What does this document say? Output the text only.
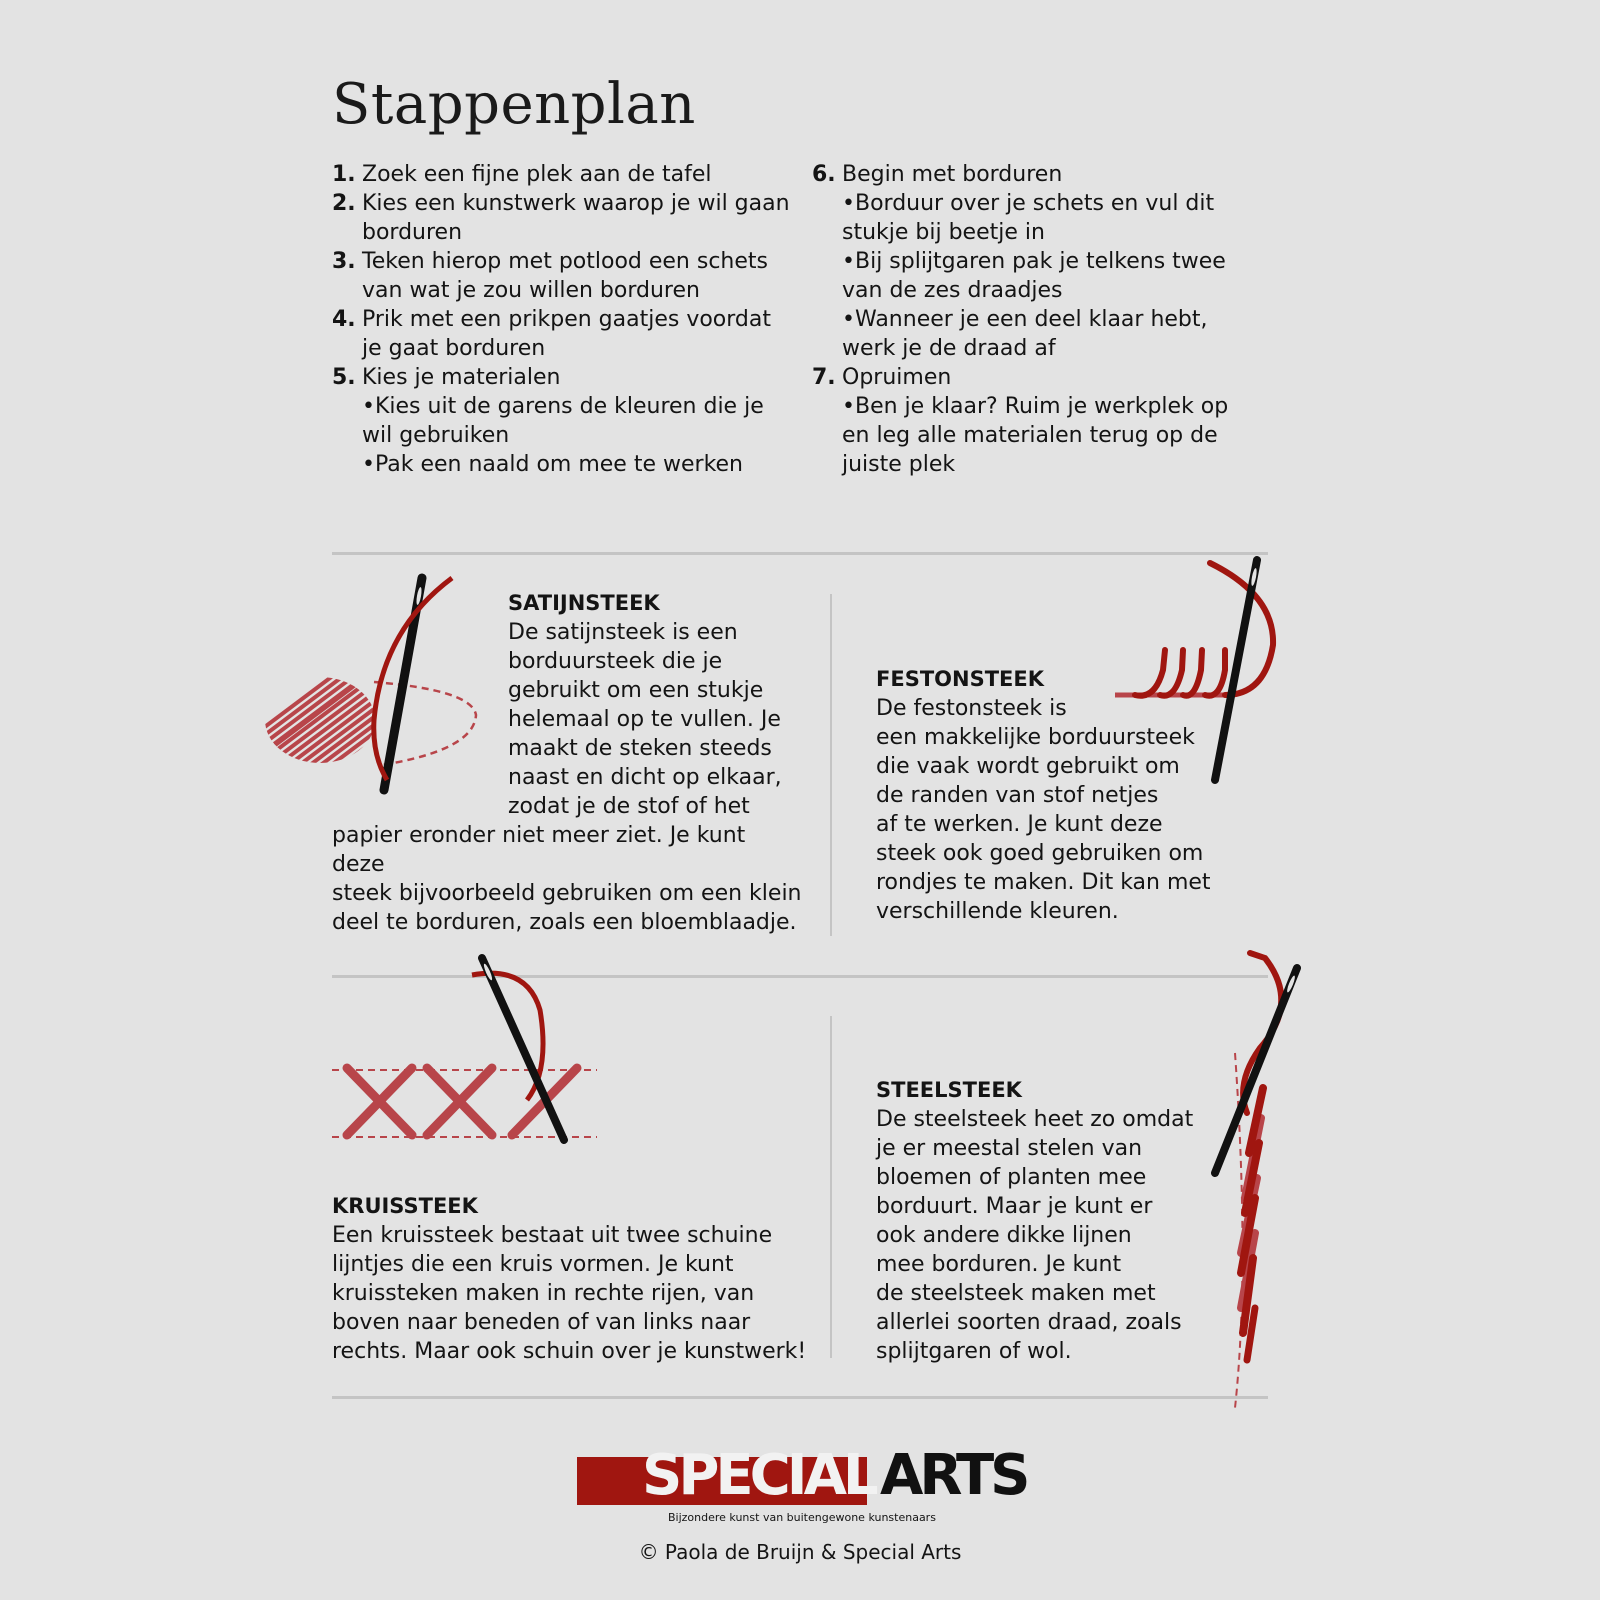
Stappenplan
1. Zoek een fijne plek aan de tafel
2. Kies een kunstwerk waarop je wil gaan borduren
3. Teken hierop met potlood een schets van wat je zou willen borduren
4. Prik met een prikpen gaatjes voordat je gaat borduren
5. Kies je materialen
•Kies uit de garens de kleuren die je wil gebruiken
•Pak een naald om mee te werken
6. Begin met borduren
•Borduur over je schets en vul dit stukje bij beetje in
•Bij splijtgaren pak je telkens twee van de zes draadjes
•Wanneer je een deel klaar hebt, werk je de draad af
7. Opruimen
•Ben je klaar? Ruim je werkplek op en leg alle materialen terug op de juiste plek
SATIJNSTEEK
De satijnsteek is een
borduursteek die je
gebruikt om een stukje
helemaal op te vullen. Je
maakt de steken steeds
naast en dicht op elkaar,
zodat je de stof of het
papier eronder niet meer ziet. Je kunt deze
steek bijvoorbeeld gebruiken om een klein
deel te borduren, zoals een bloemblaadje.
FESTONSTEEK
De festonsteek is
een makkelijke borduursteek
die vaak wordt gebruikt om
de randen van stof netjes
af te werken. Je kunt deze
steek ook goed gebruiken om
rondjes te maken. Dit kan met
verschillende kleuren.
KRUISSTEEK
Een kruissteek bestaat uit twee schuine
lijntjes die een kruis vormen. Je kunt
kruissteken maken in rechte rijen, van
boven naar beneden of van links naar
rechts. Maar ook schuin over je kunstwerk!
STEELSTEEK
De steelsteek heet zo omdat
je er meestal stelen van
bloemen of planten mee
borduurt. Maar je kunt er
ook andere dikke lijnen
mee borduren. Je kunt
de steelsteek maken met
allerlei soorten draad, zoals
splijtgaren of wol.
SPECIAL ARTS
Bijzondere kunst van buitengewone kunstenaars
© Paola de Bruijn & Special Arts
